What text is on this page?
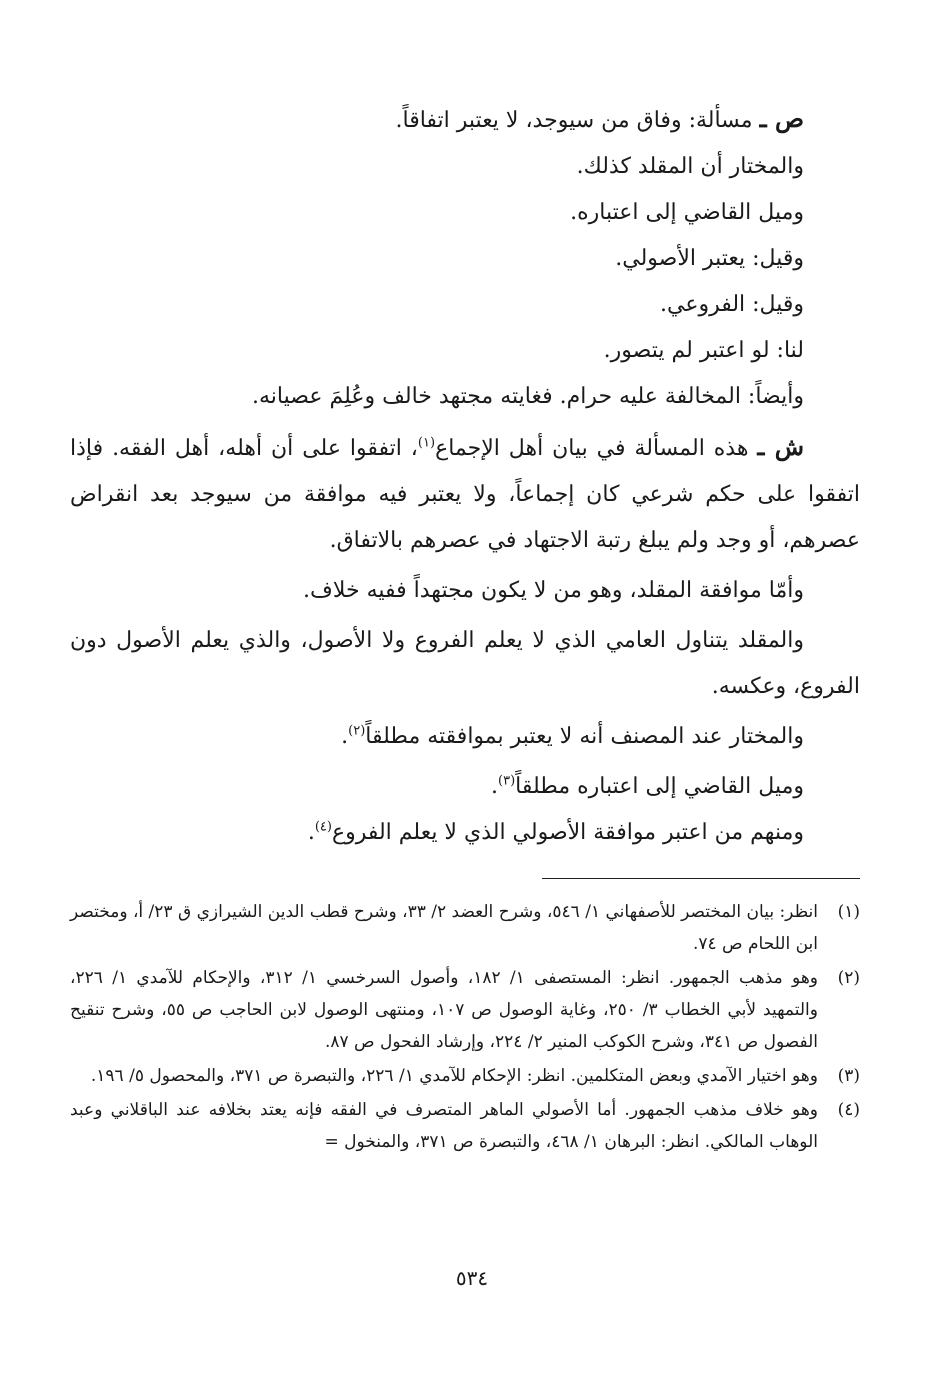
ص ـ مسألة: وفاق من سيوجد، لا يعتبر اتفاقاً.
والمختار أن المقلد كذلك.
وميل القاضي إلى اعتباره.
وقيل: يعتبر الأصولي.
وقيل: الفروعي.
لنا: لو اعتبر لم يتصور.
وأيضاً: المخالفة عليه حرام. فغايته مجتهد خالف وعُلِمَ عصيانه.
ش ـ هذه المسألة في بيان أهل الإجماع$^{(١)}$، اتفقوا على أن أهله، أهل الفقه. فإذا اتفقوا على حكم شرعي كان إجماعاً، ولا يعتبر فيه موافقة من سيوجد بعد انقراض عصرهم، أو وجد ولم يبلغ رتبة الاجتهاد في عصرهم بالاتفاق.
وأمّا موافقة المقلد، وهو من لا يكون مجتهداً ففيه خلاف.
والمقلد يتناول العامي الذي لا يعلم الفروع ولا الأصول، والذي يعلم الأصول دون الفروع، وعكسه.
والمختار عند المصنف أنه لا يعتبر بموافقته مطلقاً$^{(٢)}$.
وميل القاضي إلى اعتباره مطلقاً$^{(٣)}$.
ومنهم من اعتبر موافقة الأصولي الذي لا يعلم الفروع$^{(٤)}$.
(١)
انظر: بيان المختصر للأصفهاني ١/ ٥٤٦، وشرح العضد ٢/ ٣٣، وشرح قطب الدين الشيرازي ق ٢٣/ أ، ومختصر ابن اللحام ص ٧٤.
(٢)
وهو مذهب الجمهور. انظر: المستصفى ١/ ١٨٢، وأصول السرخسي ١/ ٣١٢، والإحكام للآمدي ١/ ٢٢٦، والتمهيد لأبي الخطاب ٣/ ٢٥٠، وغاية الوصول ص ١٠٧، ومنتهى الوصول لابن الحاجب ص ٥٥، وشرح تنقيح الفصول ص ٣٤١، وشرح الكوكب المنير ٢/ ٢٢٤، وإرشاد الفحول ص ٨٧.
(٣)
وهو اختيار الآمدي وبعض المتكلمين. انظر: الإحكام للآمدي ١/ ٢٢٦، والتبصرة ص ٣٧١، والمحصول ٥/ ١٩٦.
(٤)
وهو خلاف مذهب الجمهور. أما الأصولي الماهر المتصرف في الفقه فإنه يعتد بخلافه عند الباقلاني وعبد الوهاب المالكي. انظر: البرهان ١/ ٤٦٨، والتبصرة ص ٣٧١، والمنخول =
٥٣٤
